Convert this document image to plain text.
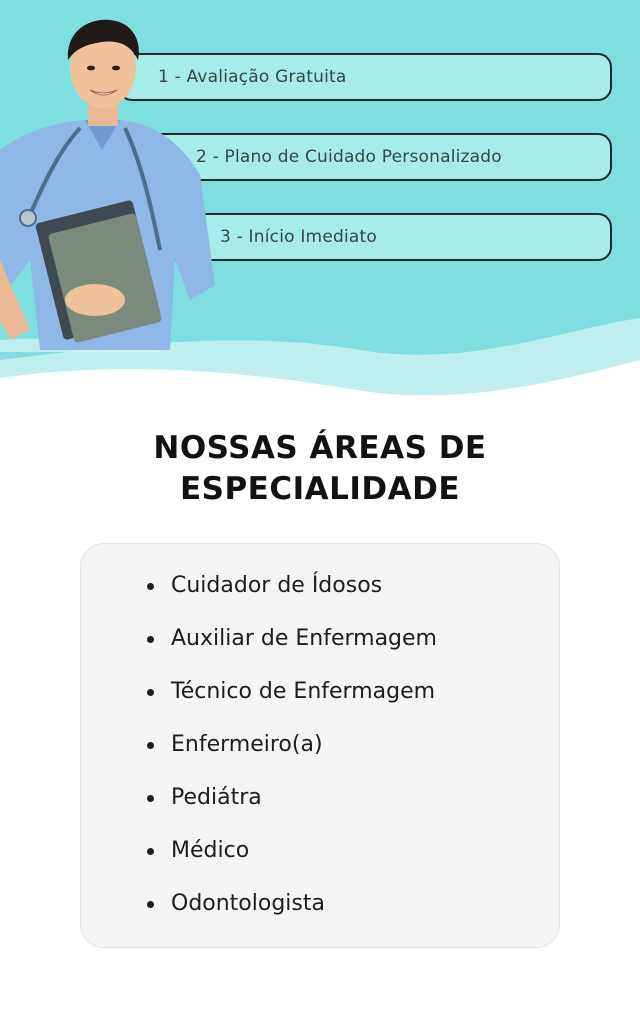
1 - Avaliação Gratuita
2 - Plano de Cuidado Personalizado
3 - Início Imediato
NOSSAS ÁREAS DE
ESPECIALIDADE
Cuidador de Ídosos
Auxiliar de Enfermagem
Técnico de Enfermagem
Enfermeiro(a)
Pediátra
Médico
Odontologista
